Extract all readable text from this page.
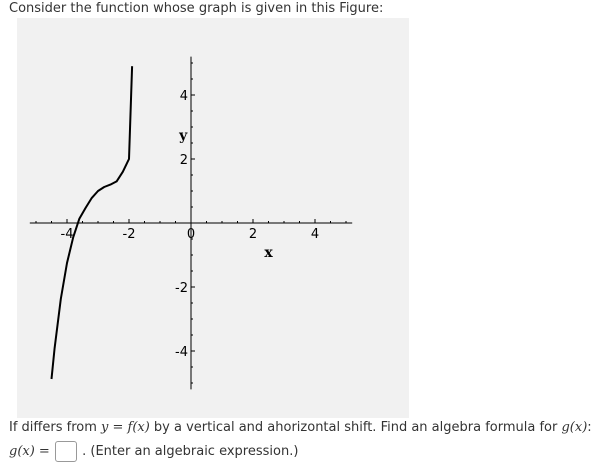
Consider the function whose graph is given in this Figure:
-4	-2	0	2	4
4
2
-2
-4
x
y
If differs from y = f(x) by a vertical and ahorizontal shift. Find an algebra formula for g(x):
g(x) = . (Enter an algebraic expression.)
